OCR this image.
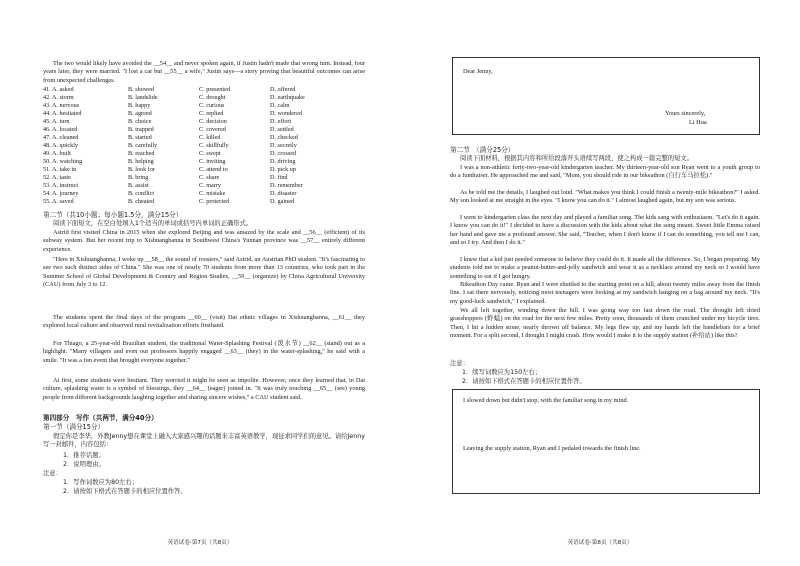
The two would likely have avoided the __54__ and never spoken again, if Justin hadn't made that wrong turn. Instead, four years later, they were married. "I lost a car but __55__ a wife," Justin says—a story proving that beautiful outcomes can arise from unexpected challenges.

41. A. asked	B. showed	C. presented	D. offered
42. A. storm	B. landslide	C. drought	D. earthquake
43. A. nervous	B. happy	C. curious	D. calm
44. A. hesitated	B. agreed	C. replied	D. wondered
45. A. turn	B. choice	C. decision	D. effort
46. A. located	B. trapped	C. covered	D. settled
47. A. cleaned	B. started	C. killed	D. checked
48. A. quickly	B. carefully	C. skillfully	D. secretly
49. A. built	B. reached	C. swept	D. crossed
50. A. watching	B. helping	C. inviting	D. driving
51. A. take in	B. look for	C. attend to	D. pick up
52. A. taste	B. bring	C. share	D. find
53. A. instruct	B. assist	C. marry	D. remember
54. A. journey	B. conflict	C. mistake	D. disaster
55. A. saved	B. cheated	C. protected	D. gained

第二节（共10小题；每小题1.5分，满分15分）

阅读下面短文，在空白处填入1个适当的单词或括号内单词的正确形式。

Astrid first visited China in 2015 when she explored Beijing and was amazed by the scale and __56__ (efficient) of its subway system. But her recent trip to Xishuangbanna in Southwest China's Yunnan province was __57__ entirely different experience.

"Here in Xishuangbanna, I woke up __58__ the sound of roosters," said Astrid, an Austrian PhD student. "It's fascinating to see two such distinct sides of China." She was one of nearly 70 students from more than 13 countries, who took part in the Summer School of Global Development & Country and Region Studies, __59__ (organize) by China Agricultural University (CAU) from July 3 to 12.

The students spent the final days of the program __60__ (visit) Dai ethnic villages in Xishuangbanna, __61__ they explored local culture and observed rural revitalization efforts firsthand.

For Thiago, a 25-year-old Brazilian student, the traditional Water-Splashing Festival (泼水节) __62__ (stand) out as a highlight. "Many villagers and even our professors happily engaged __63__ (they) in the water-splashing," he said with a smile. "It was a fun event that brought everyone together."

At first, some students were hesitant. They worried it might be seen as impolite. However, once they learned that, in Dai culture, splashing water is a symbol of blessings, they __64__ (eager) joined in. "It was truly touching __65__ (see) young people from different backgrounds laughing together and sharing sincere wishes," a CAU student said.

第四部分　写作（共两节，满分40分）

第一节（满分15分）

假定你是李华，外教Jenny想在课堂上融入大家感兴趣的话题来丰富英语教学，现征求同学们的意见。请给Jenny写一封邮件，内容包括：

1．推荐话题；

2．说明理由。

注意：

1．写作词数应为80左右；

2．请按如下格式在答题卡的相应位置作答。

英语试卷·第7页（共8页）
Dear Jenny,
Yours sincerely,
Li Hua

第二节　（满分25分）

阅读下面材料，根据其内容和所给段落开头语续写两段，使之构成一篇完整的短文。

I was a non-athletic forty-two-year-old kindergarten teacher. My thirteen-year-old son Ryan went to a youth group to do a fundraiser. He approached me and said, "Mom, you should ride in our bikeathon (自行车马拉松)."

As he told me the details, I laughed out loud. "What makes you think I could finish a twenty-mile bikeathon?" I asked. My son looked at me straight in the eyes. "I know you can do it." I almost laughed again, but my son was serious.

I went to kindergarten class the next day and played a familiar song. The kids sang with enthusiasm. "Let's do it again. I know you can do it!" I decided to have a discussion with the kids about what the song meant. Sweet little Emma raised her hand and gave me a profound answer. She said, "Teacher, when I don't know if I can do something, you tell me I can, and so I try. And then I do it."

I knew that a kid just needed someone to believe they could do it. It made all the difference. So, I began preparing. My students told me to make a peanut-butter-and-jelly sandwich and wear it as a necklace around my neck so I would have something to eat if I got hungry.

Bikeathon Day came. Ryan and I were shuttled to the starting point on a hill, about twenty miles away from the finish line. I sat there nervously, noticing most teenagers were looking at my sandwich hanging on a bag around my neck. "It's my good-luck sandwich," I explained.

We all left together, winding down the hill. I was going way too fast down the road. The drought left dried grasshoppers (蚱蜢) on the road for the next few miles. Pretty soon, thousands of them crunched under my bicycle tires. Then, I hit a hidden stone, nearly thrown off balance. My legs flew up, and my hands left the handlebars for a brief moment. For a split second, I thought I might crash. How would I make it to the supply station (补给站) like this?

注意：

1．续写词数应为150左右；

2．请按如下格式在答题卡的相应位置作答。

I slowed down but didn't stop, with the familiar song in my mind.
Leaving the supply station, Ryan and I pedaled towards the finish line.
英语试卷·第8页（共8页）
